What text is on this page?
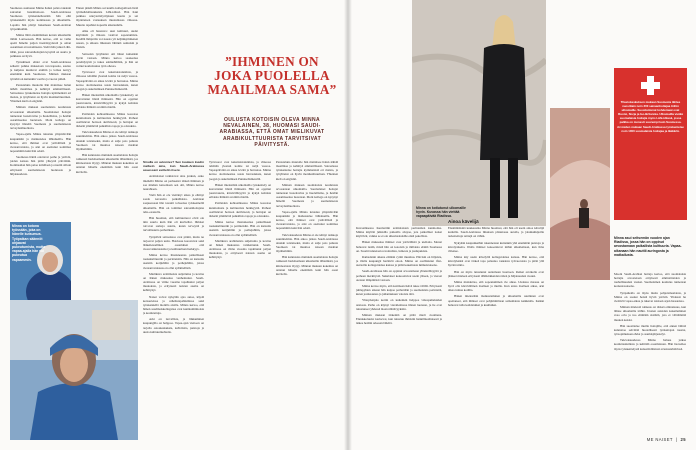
Suomessa asuttuaan Minna halusi palata takaisin sairaalan lastenhoitoon. Saudi-Arabiassa Suomessa työskennellessään hän ehti työskennellä myös kotimaassa ja ulkomailla. Lopulta hän päätyi hakemaan Saudi-Arabian työpaikkoihin.

Minna lähti ensimmäisen kerran ulkomaille töihin Lontooseen. Hän kertoo, että se vaihe opetti hänelle paljon itsenäisyydestä ja oman osaamisen arvostamisesta. Sieltä hän jatkoi Lähi-itään, jossa sairaanhoitajien kysyntä on suurta ja palkkaus on hyvä.

Työsuhteen ehdot ovat Saudi-Arabiassa selkeät: palkka maksetaan verovapaana, asunto ja kuljetus kuuluvat etuihin ja lomaa kertyy enemmän kuin Suomessa. Minnan mukaan työtahti on kuitenkin vaativa ja vuorot pitkiä.

Perusteluna muutolle hän mainitsee halun nähdä maailmaa ja kehittyä ammatillisesti. Sairaalassa työskentelee hoitajia kymmenistä eri maista, ja työyhteisö on hyvin monikulttuurinen. Yhteinen kieli on englanti.

Minnan mukaan suomalaista koulutusta arvostetaan ulkomailla. Suomalaiset hoitajat tunnetaan luotettavina ja huolellisina, ja heidän osaamiseensa luotetaan. Moni kollega on kysynyt häneltä Suomesta ja suomalaisesta terveydenhuollosta.

Vapaa-ajalla Minna tutustuu ympäröivään kaupunkiin ja matkustelee lähialueilla. Hän kertoo, että ihmiset ovat ystävällisiä ja vieraanvaraisia, ja arki on asettunut uomiinsa nopeammin kuin hän odotti.

Suomessa häntä odottavat perhe ja ystävät, joiden kanssa hän pitää yhteyttä päivittäin. Kotimaahan hän palaa lomillaan ja nauttii silloin erityisesti suomalaisesta luonnosta ja hiljaisuudesta.

Minna on kotona työssään, joka on hänelle kutsumus. Työpaikan säännöt ohjaavat pukeutumista, mutta vapaa-ajalla hän voi pukeutua vapaammin.

Ennen pitkää Minna sai kuulla kollegoiltaan lisää työmahdollisuuksista Lähi-idässä. Hän haki paikkaa rekrytointiyrityksen kautta ja sai myönteisen vastauksen muutamassa viikossa. Muutto tapahtui nopealla aikataululla.

Alku oli haastava: uusi kulttuuri, uudet käytännöt ja ilmasto vaativat sopeutumista. Kesällä lämpötila voi nousta yli neljänkymmenen asteen, ja ulkona liikutaan lähinnä aamuisin ja iltaisin.

Sairaalan työyhteisö otti hänet kuitenkin hyvin vastaan. Minna kertoo saaneensa perehdytystä ja tukea esimiehiltään, ja hän on voinut kouluttautua työn ohessa.

Työvuorot ovat kaksitoistatuntisia, ja viikossa tehdään yleensä kolme tai neljä vuoroa. Vapaapäivinä on aikaa levätä ja harrastaa. Minna kertoo aloittaneensa uusia harrastuksia, kuten joogan ja sukeltamisen Punaisellamerellä.

Hänen mielestään ulkomailla työskentely on kasvattanut häntä ihmisenä. Hän on oppinut joustavuutta, kärsivällisyyttä ja kykyä kohdata erilaisia ihmisiä avoimin mielin.

Potilaiden kohtaamisessa Minna korostaa kunnioitusta ja kulttuurista herkkyyttä. Perheet osallistuvat hoitoon aktiivisesti, ja hoitajan on tärkeää ymmärtää paikallisia tapoja ja odotuksia.

Tulevaisuudesta Minna ei ole tehnyt tarkkoja suunnitelmia. Hän aikoo jatkaa Saudi-Arabiassa ainakin toistaiseksi, mutta ei sulje pois paluuta Suomeen tai muuttoa toiseen maahan myöhemmin.

Hän kannustaa muitakin suomalaisia hoitajia rohkeasti harkitsemaan ulkomaille lähtemistä, jos kiinnostusta löytyy. Minnan mukaan kokemus on antanut hänelle enemmän kuin hän osasi kuvitella.

Sinulla on aviomies? Sen kuuleen kuulin melkein aina, kun Saudi-Arabiassa asuessani esittelin itseni.

Arabialaiset tarkistavat aina jonkun, onko miehellä Minna on perheensä tärkeä ihminen ja saa miehen katsomaan sen ohi, Minna kertoo naurahtaen.

Vielä hän ei ole viettänyt aikaa ja ehtinyt saada kavereita paikallisista. Arabiaan saapuessaan hän toteutti toiveensa työskennellä ulkomailla. Hän on toiminut sairaanhoitajana teho-osastolla.

Hän huomasi, että kulttuurierot eivät ole niin suuria kuin hän oli kuvitellut. Ihmiset toivovat samoja asioita, kuten terveyttä ja turvallisuutta perheilleen.

Työpäivät sairaalassa ovat pitkiä, mutta ne tarjoavat paljon uutta. Hoidossa korostuvat sekä lääketieteellinen osaaminen että vuorovaikutustaidot ja kulttuurinen herkkyys.

Minna kertoo ihastuneensa paikalliseen ruokakulttuuriin ja perinteisiin. Hän on kutsuttu useisiin kotijuhliin ja perhejuhliin, joissa vieraanvaraisuus on ollut sydämellistä.

Mielikuva arabimaista suljettuina ja kovina on hänen mukaansa vanhentunut. Saudi-Arabiassa on viime vuosina tapahtunut paljon muutoksia, ja erityisesti naisten asema on kehittynyt.

Naiset voivat nykyään ajaa autoa, käydä konserteissa ja urheilutapahtumissa sekä työskennellä monilla aloilla. Minna kertoo, että hänen saudinaiskollegansa ovat kunnianhimoisia ja koulutettuja.

Arki on turvallista, ja liikkuminen kaupungilla on helppoa. Vapaa-ajan viettoon on tarjolla ostoskeskuksia, kahviloita, puistoja ja uusia kulttuurikohteita.

Työvuorot ovat kaksitoistatuntisia, ja viikossa tehdään yleensä kolme tai neljä vuoroa. Vapaapäivinä on aikaa levätä ja harrastaa. Minna kertoo aloittaneensa uusia harrastuksia, kuten joogan ja sukeltamisen Punaisellamerellä.

Hänen mielestään ulkomailla työskentely on kasvattanut häntä ihmisenä. Hän on oppinut joustavuutta, kärsivällisyyttä ja kykyä kohdata erilaisia ihmisiä avoimin mielin.

Potilaiden kohtaamisessa Minna korostaa kunnioitusta ja kulttuurista herkkyyttä. Perheet osallistuvat hoitoon aktiivisesti, ja hoitajan on tärkeää ymmärtää paikallisia tapoja ja odotuksia.

Minna kertoo ihastuneensa paikalliseen ruokakulttuuriin ja perinteisiin. Hän on kutsuttu useisiin kotijuhliin ja perhejuhliin, joissa vieraanvaraisuus on ollut sydämellistä.

Mielikuva arabimaista suljettuina ja kovina on hänen mukaansa vanhentunut. Saudi-Arabiassa on viime vuosina tapahtunut paljon muutoksia, ja erityisesti naisten asema on kehittynyt.

Perusteluna muutolle hän mainitsee halun nähdä maailmaa ja kehittyä ammatillisesti. Sairaalassa työskentelee hoitajia kymmenistä eri maista, ja työyhteisö on hyvin monikulttuurinen. Yhteinen kieli on englanti.

Minnan mukaan suomalaista koulutusta arvostetaan ulkomailla. Suomalaiset hoitajat tunnetaan luotettavina ja huolellisina, ja heidän osaamiseensa luotetaan. Moni kollega on kysynyt häneltä Suomesta ja suomalaisesta terveydenhuollosta.

Vapaa-ajalla Minna tutustuu ympäröivään kaupunkiin ja matkustelee lähialueilla. Hän kertoo, että ihmiset ovat ystävällisiä ja vieraanvaraisia, ja arki on asettunut uomiinsa nopeammin kuin hän odotti.

Tulevaisuudesta Minna ei ole tehnyt tarkkoja suunnitelmia. Hän aikoo jatkaa Saudi-Arabiassa ainakin toistaiseksi, mutta ei sulje pois paluuta Suomeen tai muuttoa toiseen maahan myöhemmin.

Hän kannustaa muitakin suomalaisia hoitajia rohkeasti harkitsemaan ulkomaille lähtemistä, jos kiinnostusta löytyy. Minnan mukaan kokemus on antanut hänelle enemmän kuin hän osasi kuvitella.

”IHMINEN ON JOKA PUOLELLA MAAILMAA SAMA”
OULUSTA KOTOISIN OLEVA MINNA NEVALAINEN, 38, HUOMASI SAUDI-ARABIASSA, ETTÄ OMAT MIELIKUVAT ARABIKULTTUURISTA TARVITSIVAT PÄIVITYSTÄ.
Minna on kotiutunut ulkomaille hyvin. Kuvassa hän viettää vapaapäivää Riadissa.

Kuvaamisessa huomattiin arabialaisten perinteiden kunnioitus. Minna käyttää julkisilla paikoilla abayaa, jota paikalliset naiset käyttävät, vaikka se ei ole ulkomaalaisille enää pakollista.

Hänen mukaansa ihmiset ovat ystävällisiä ja uteliaita. Monet haluavat tietää, mistä hän on kotoisin ja millaista elämä Suomessa on. Suomi tunnetaan revontulista, lumesta ja joulupukista.

Ramadanin aikana elämän rytmi muuttuu. Päivisin on hiljaista, ja illalla kaupungit heräävät eloon. Minna on osallistunut iftar-aterioille kollegoidensa kanssa ja pitää kokemusta ikimuistoisena.

Saudi-Arabiassa hän on oppinut arvostamaan yhteisöllisyyttä ja perheen merkitystä. Sukulaiset kokoontuvat usein yhteen, ja vieraat otetaan lämpimästi vastaan.

Minna kertoo myös, että kotimaan ikävä iskee välillä. Erityisesti juhlapyhien aikaan hän kaipaa perhettään ja suomalaisia perinteitä, kuten joulusaunaa ja juhannuksen valoisia öitä.

Yhteydenpito kotiin on kuitenkin helppoa videopuheluiden ansiosta. Perhe on käynyt vierailemassa hänen luonaan, ja he ovat tutustuneet yhdessä maan nähtävyyksiin.

Minnan mukaan tärkeintä on pitää mieli avoimena. Ennakkoluulot karisevat, kun tutustuu ihmisiin henkilökohtaisesti ja näkee heidän arkeaan läheltä.

Ainoa kävelijä

Ensimmäisinä kuukausina Minna huomasi, että hän oli usein ainoa kävelijä kaduilla. Saudi-Arabiassa liikutaan pääasiassa autolla, ja jalankulkijoille tarkoitettuja reittejä on vähän.

Nykyään kaupunkeihin rakennetaan kuitenkin yhä enemmän puistoja ja kävelyalueita. Illalla ihmiset kokoontuvat niihin ulkoilemaan, kun ilma viilenee.

Minna käy usein kävelyllä kollegoidensa kanssa. Hän kertoo, että kävelylenkit ovat tärkeä tapa palautua raskaista työvuoroista ja pitää yllä hyvinvointia.

Hän on myös tutustunut autiomaan luontoon. Retket aavikolle ovat jääneet mieleen erityisesti tähtikirkkaiden öiden ja hiljaisuuden vuoksi.

Minna muistuttaa, että sopeutuminen vie aikaa. Uudessa maassa on hyvä olla kärsivällinen itselleen ja muille. Kun antaa itselleen aikaa, arki alkaa tuntua kodilta.

Hänen mielestään matkustaminen ja ulkomailla asuminen ovat opettaneet, että ihmiset ovat pohjimmiltaan samanlaisia kaikkialla. Kaikki haluavat tulla kohdatuiksi ja kuulluiksi.

Minna asui seitsemän vuoden ajan Riadissa, jossa hän on oppinut arvostamaan paikallista kulttuuria. Vapaa-aikanaan hän nauttii auringosta ja matkailusta.

Mooni Saudi-Arabian hoitaja kertoo, että suomalaisia hoitajia arvostetaan erityisesti ammattitaidon ja rauhallisuuden vuoksi. Suomalainen koulutus tunnetaan korkeatasoisena.

Työpaikalla on myös muita pohjoismaalaisia, ja Minna on saanut heistä hyviä ystäviä. Yhdessä he viettävät vapaa-aikaa ja tukevat toisiaan arjen haasteissa.

Minnan mielestä rohkeus on tärkeä ominaisuus, kun lähtee ulkomaille töihin. Uusien asioiden kokeileminen avaa ovia ja tuo elämään sisältöä, jota ei välttämättä muuten kokisi.

Hän suosittelee muille hoitajille, että ennen lähtöä kannattaa selvittää huolellisesti työnantajan taustat, työsopimuksen ehdot ja asumisjärjestelyt.

Tulevaisuudessa Minna haluaa jatkaa kouluttautumista ja kehittää osaamistaan. Hän haaveilee myös työskentelystä kansainvälisissä avustustehtävissä.

ME NAISET  |  25
Tilastokeskuksen mukaan Suomesta lähtee vuosittain noin 300 sairaanhoitajaa töihin ulkomaille. Suosituimmat kohdemaat ovat Ruotsi, Norja ja Iso-Britannia. Ulkomailla vietää suomalaisia hoitajia myös Lähi-idässä, jossa palkka on monesti suurempi kuin Suomessa. Arvioiden mukaan Saudi-Arabiassa työskentelee noin 1000 suomalaista hoitajaa ja lääkäriä.
